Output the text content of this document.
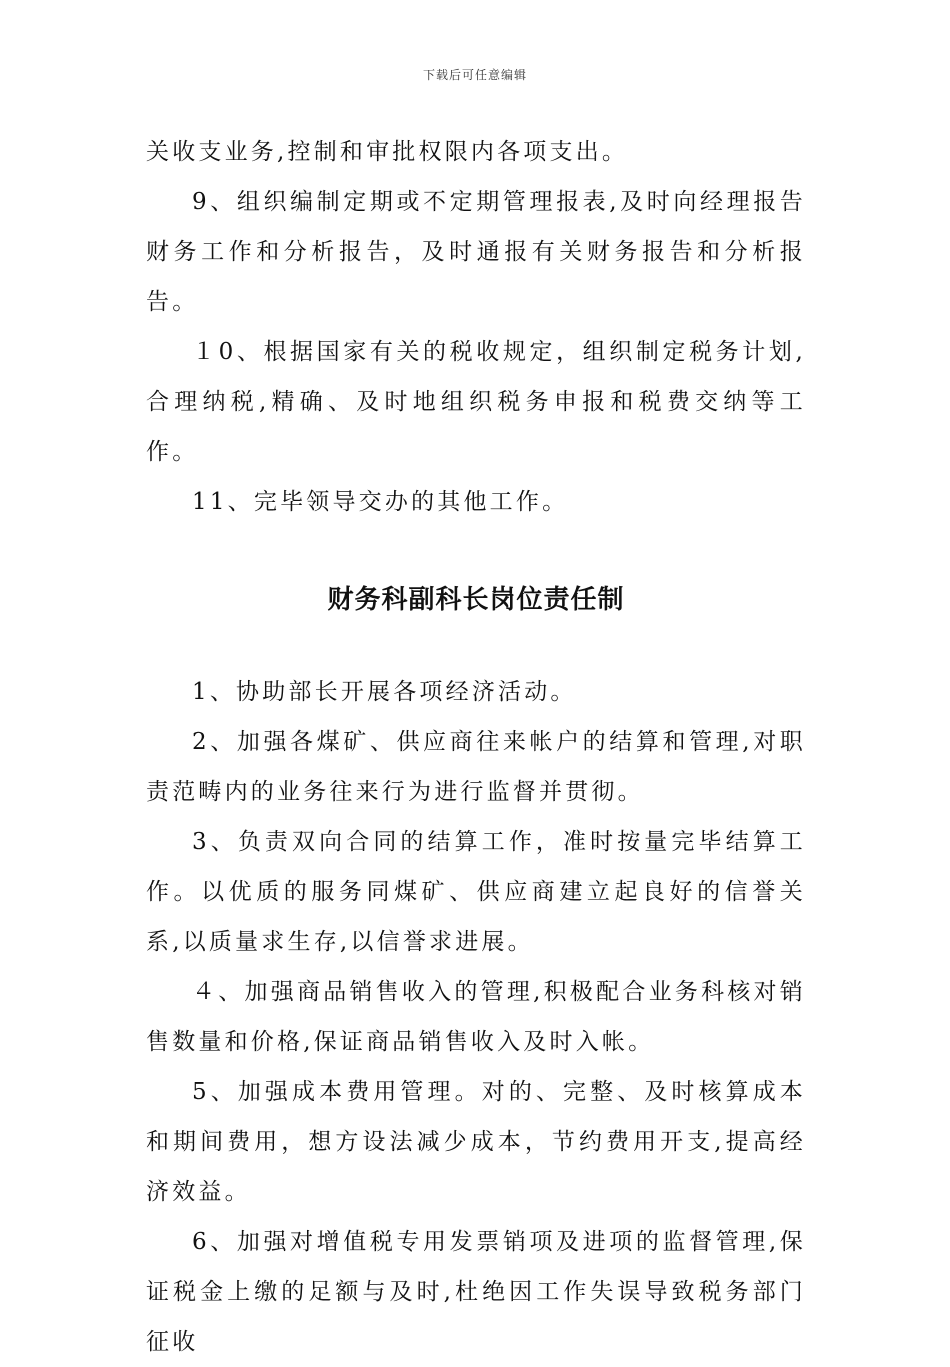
下载后可任意编辑

关收支业务,控制和审批权限内各项支出。

9、组织编制定期或不定期管理报表,及时向经理报告财务工作和分析报告，及时通报有关财务报告和分析报告。

１0、根据国家有关的税收规定，组织制定税务计划,合理纳税,精确、及时地组织税务申报和税费交纳等工作。

11、完毕领导交办的其他工作。

财务科副科长岗位责任制

1、协助部长开展各项经济活动。

2、加强各煤矿、供应商往来帐户的结算和管理,对职责范畴内的业务往来行为进行监督并贯彻。

3、负责双向合同的结算工作，准时按量完毕结算工作。以优质的服务同煤矿、供应商建立起良好的信誉关系,以质量求生存,以信誉求进展。

４、加强商品销售收入的管理,积极配合业务科核对销售数量和价格,保证商品销售收入及时入帐。

5、加强成本费用管理。对的、完整、及时核算成本和期间费用，想方设法减少成本，节约费用开支,提高经济效益。

6、加强对增值税专用发票销项及进项的监督管理,保证税金上缴的足额与及时,杜绝因工作失误导致税务部门征收
